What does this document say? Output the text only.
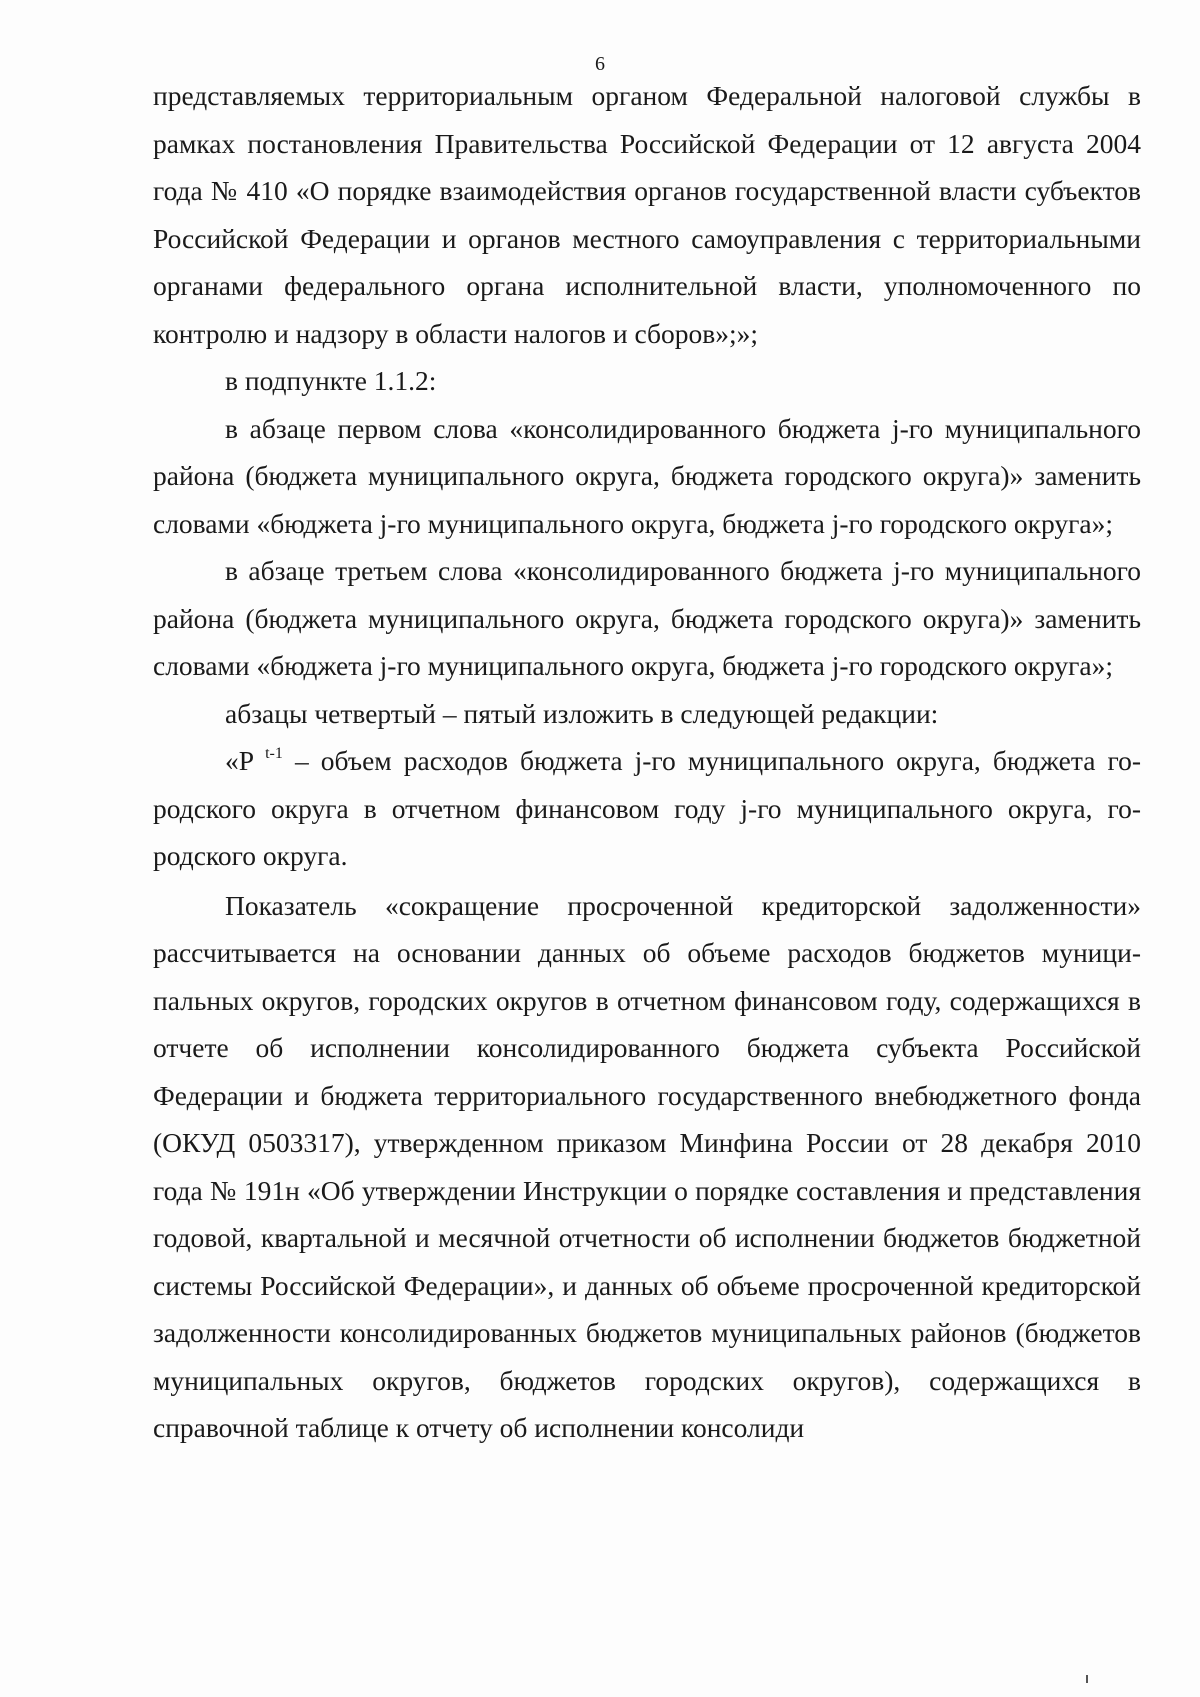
6

представляемых территориальным органом Федеральной налоговой службы в рамках постановления Правительства Российской Федерации от 12 августа 2004 года № 410 «О порядке взаимодействия органов государственной власти субъектов Российской Федерации и органов местного самоуправления с территориальными органами федерального органа исполнительной власти, уполномоченного по контролю и надзору в области налогов и сборов»;»;

в подпункте 1.1.2:

в абзаце первом слова «консолидированного бюджета j-го муниципального района (бюджета муниципального округа, бюджета городского округа)» заменить словами «бюджета j-го муниципального округа, бюджета j-го городского округа»;

в абзаце третьем слова «консолидированного бюджета j-го муниципального района (бюджета муниципального округа, бюджета городского округа)» заменить словами «бюджета j-го муниципального округа, бюджета j-го городского округа»;

абзацы четвертый – пятый изложить в следующей редакции:

«P $^{t-1}$ – объем расходов бюджета j-го муниципального округа, бюджета городского округа в отчетном финансовом году j-го муниципального округа, городского округа.

Показатель «сокращение просроченной кредиторской задолженности» рассчитывается на основании данных об объеме расходов бюджетов муниципальных округов, городских округов в отчетном финансовом году, содержащихся в отчете об исполнении консолидированного бюджета субъекта Российской Федерации и бюджета территориального государственного внебюджетного фонда (ОКУД 0503317), утвержденном приказом Минфина России от 28 декабря 2010 года № 191н «Об утверждении Инструкции о порядке составления и представления годовой, квартальной и месячной отчетности об исполнении бюджетов бюджетной системы Российской Федерации», и данных об объеме просроченной кредиторской задолженности консолидированных бюджетов муниципальных районов (бюджетов муниципальных округов, бюджетов городских округов), содержащихся в справочной таблице к отчету об исполнении консолиди
